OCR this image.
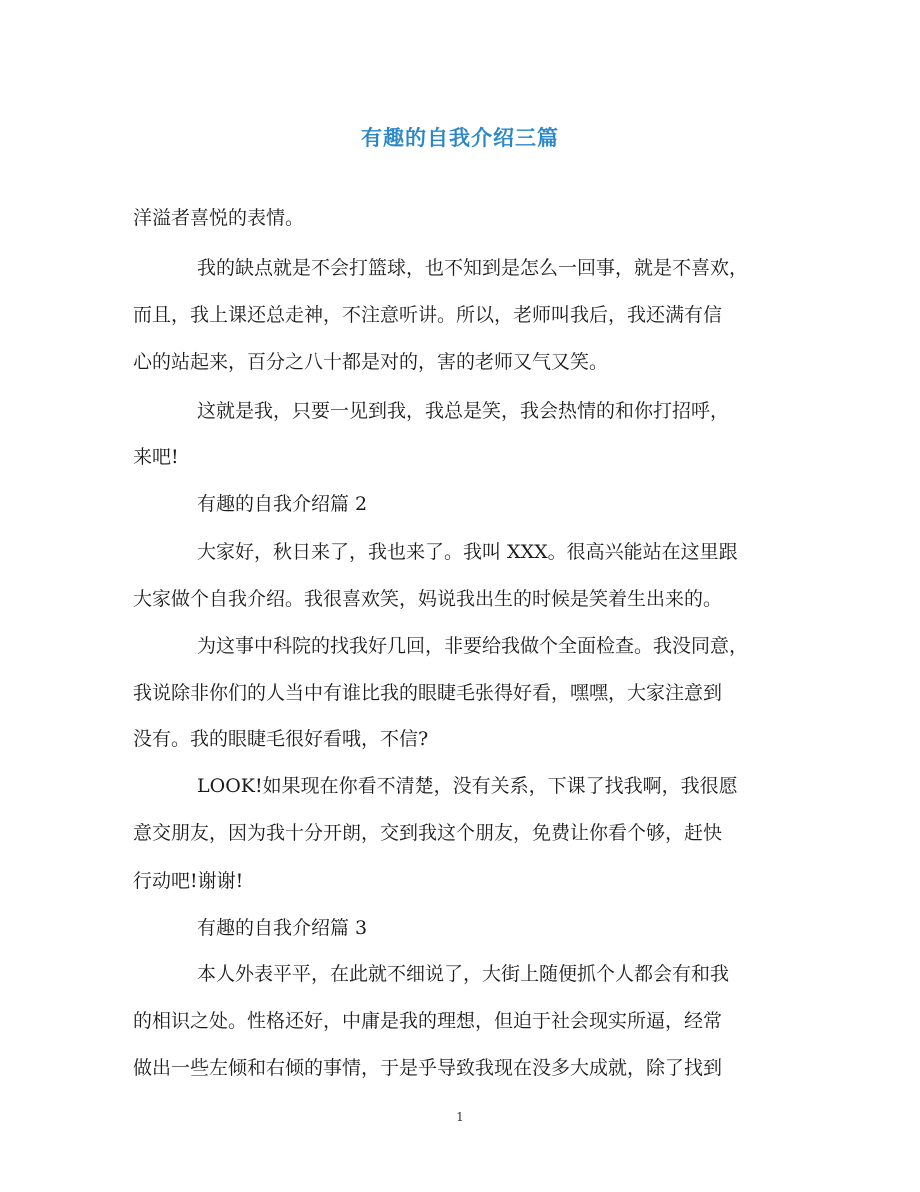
有趣的自我介绍三篇

洋溢者喜悦的表情。

我的缺点就是不会打篮球，也不知到是怎么一回事，就是不喜欢，

而且，我上课还总走神，不注意听讲。所以，老师叫我后，我还满有信

心的站起来，百分之八十都是对的，害的老师又气又笑。

这就是我，只要一见到我，我总是笑，我会热情的和你打招呼，

来吧!

有趣的自我介绍篇 2

大家好，秋日来了，我也来了。我叫 XXX。很高兴能站在这里跟

大家做个自我介绍。我很喜欢笑，妈说我出生的时候是笑着生出来的。

为这事中科院的找我好几回，非要给我做个全面检查。我没同意，

我说除非你们的人当中有谁比我的眼睫毛张得好看，嘿嘿，大家注意到

没有。我的眼睫毛很好看哦，不信?

LOOK!如果现在你看不清楚，没有关系，下课了找我啊，我很愿

意交朋友，因为我十分开朗，交到我这个朋友，免费让你看个够，赶快

行动吧!谢谢!

有趣的自我介绍篇 3

本人外表平平，在此就不细说了，大街上随便抓个人都会有和我

的相识之处。性格还好，中庸是我的理想，但迫于社会现实所逼，经常

做出一些左倾和右倾的事情，于是乎导致我现在没多大成就，除了找到

1
